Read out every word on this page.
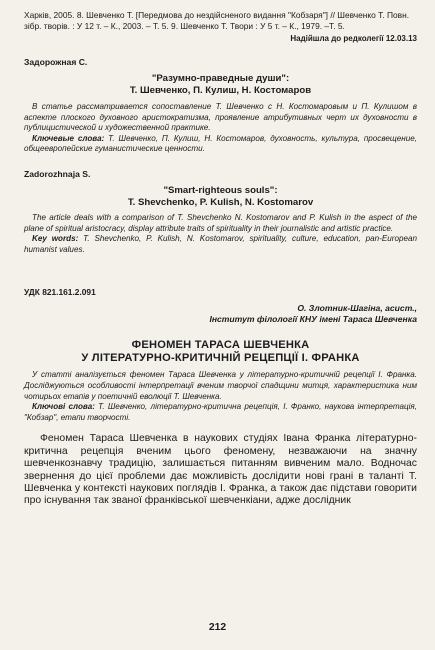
Харків, 2005. 8. Шевченко Т. [Передмова до нездійсненого видання "Кобзаря"] // Шевченко Т. Повн. зібр. творів. : У 12 т. – К., 2003. – Т. 5. 9. Шевченко Т. Твори : У 5 т. – К., 1979. –Т. 5.

Надійшла до редколегії 12.03.13

Задорожная С.

"Разумно-праведные души":
Т. Шевченко, П. Кулиш, Н. Костомаров

В статье рассматривается сопоставление Т. Шевченко с Н. Костомаровым и П. Кулишом в аспекте плоского духовного аристократизма, проявление атрибутивных черт их духовности в публицистической и художественной практике.

Ключевые слова: Т. Шевченко, П. Кулиш, Н. Костомаров, духовность, культура, просвещение, общеевропейские гуманистические ценности.

Zadorozhnaja S.

"Smart-righteous souls":
T. Shevchenko, P. Kulish, N. Kostomarov

The article deals with a comparison of T. Shevchenko N. Kostomarov and P. Kulish in the aspect of the plane of spiritual aristocracy, display attribute traits of spirituality in their journalistic and artistic practice.

Key words: T. Shevchenko, P. Kulish, N. Kostomarov, spirituality, culture, education, pan-European humanist values.

УДК 821.161.2.091

О. Злотник-Шагіна, асист.,
Інститут філології КНУ імені Тараса Шевченка

ФЕНОМЕН ТАРАСА ШЕВЧЕНКА
У ЛІТЕРАТУРНО-КРИТИЧНІЙ РЕЦЕПЦІЇ І. ФРАНКА

У статті аналізується феномен Тараса Шевченка у літературно-критичній рецепції І. Франка. Досліджуються особливості інтерпретації вченим творчої спадщини митця, характеристика ним чотирьох етапів у поетичній еволюції Т. Шевченка.

Ключові слова: Т. Шевченко, літературно-критична рецепція, І. Франко, наукова інтерпретація, "Кобзар", етапи творчості.

Феномен Тараса Шевченка в наукових студіях Івана Франка літературно-критична рецепція вченим цього феномену, незважаючи на значну шевченкознавчу традицію, залишається питанням вивченим мало. Водночас звернення до цієї проблеми дає можливість дослідити нові грані в таланті Т. Шевченка у контексті наукових поглядів І. Франка, а також дає підстави говорити про існування так званої франківської шевченкіани, адже дослідник

212
